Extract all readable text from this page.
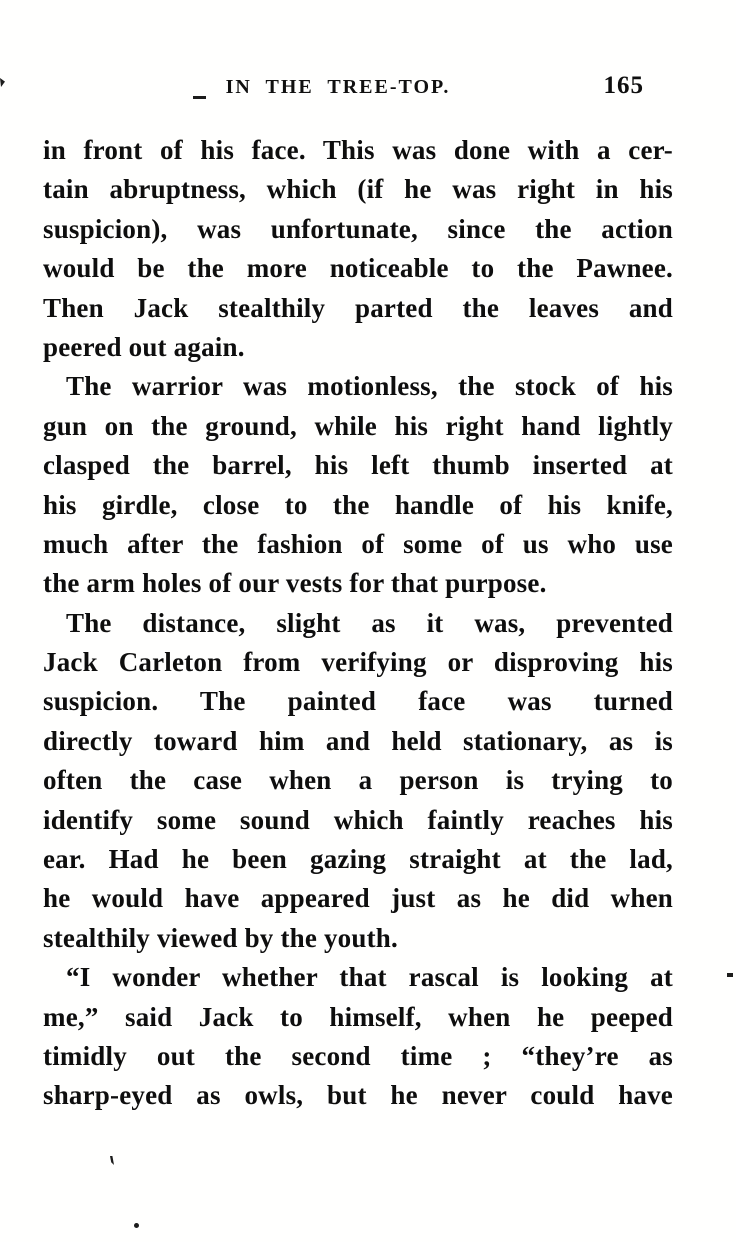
IN THE TREE-TOP.	165
in front of his face. This was done with a cer-
tain abruptness, which (if he was right in his
suspicion), was unfortunate, since the action
would be the more noticeable to the Pawnee.
Then Jack stealthily parted the leaves and
peered out again.
The warrior was motionless, the stock of his
gun on the ground, while his right hand lightly
clasped the barrel, his left thumb inserted at
his girdle, close to the handle of his knife,
much after the fashion of some of us who use
the arm holes of our vests for that purpose.
The distance, slight as it was, prevented
Jack Carleton from verifying or disproving his
suspicion. The painted face was turned
directly toward him and held stationary, as is
often the case when a person is trying to
identify some sound which faintly reaches his
ear. Had he been gazing straight at the lad,
he would have appeared just as he did when
stealthily viewed by the youth.
“I wonder whether that rascal is looking at
me,” said Jack to himself, when he peeped
timidly out the second time ; “they’re as
sharp-eyed as owls, but he never could have
